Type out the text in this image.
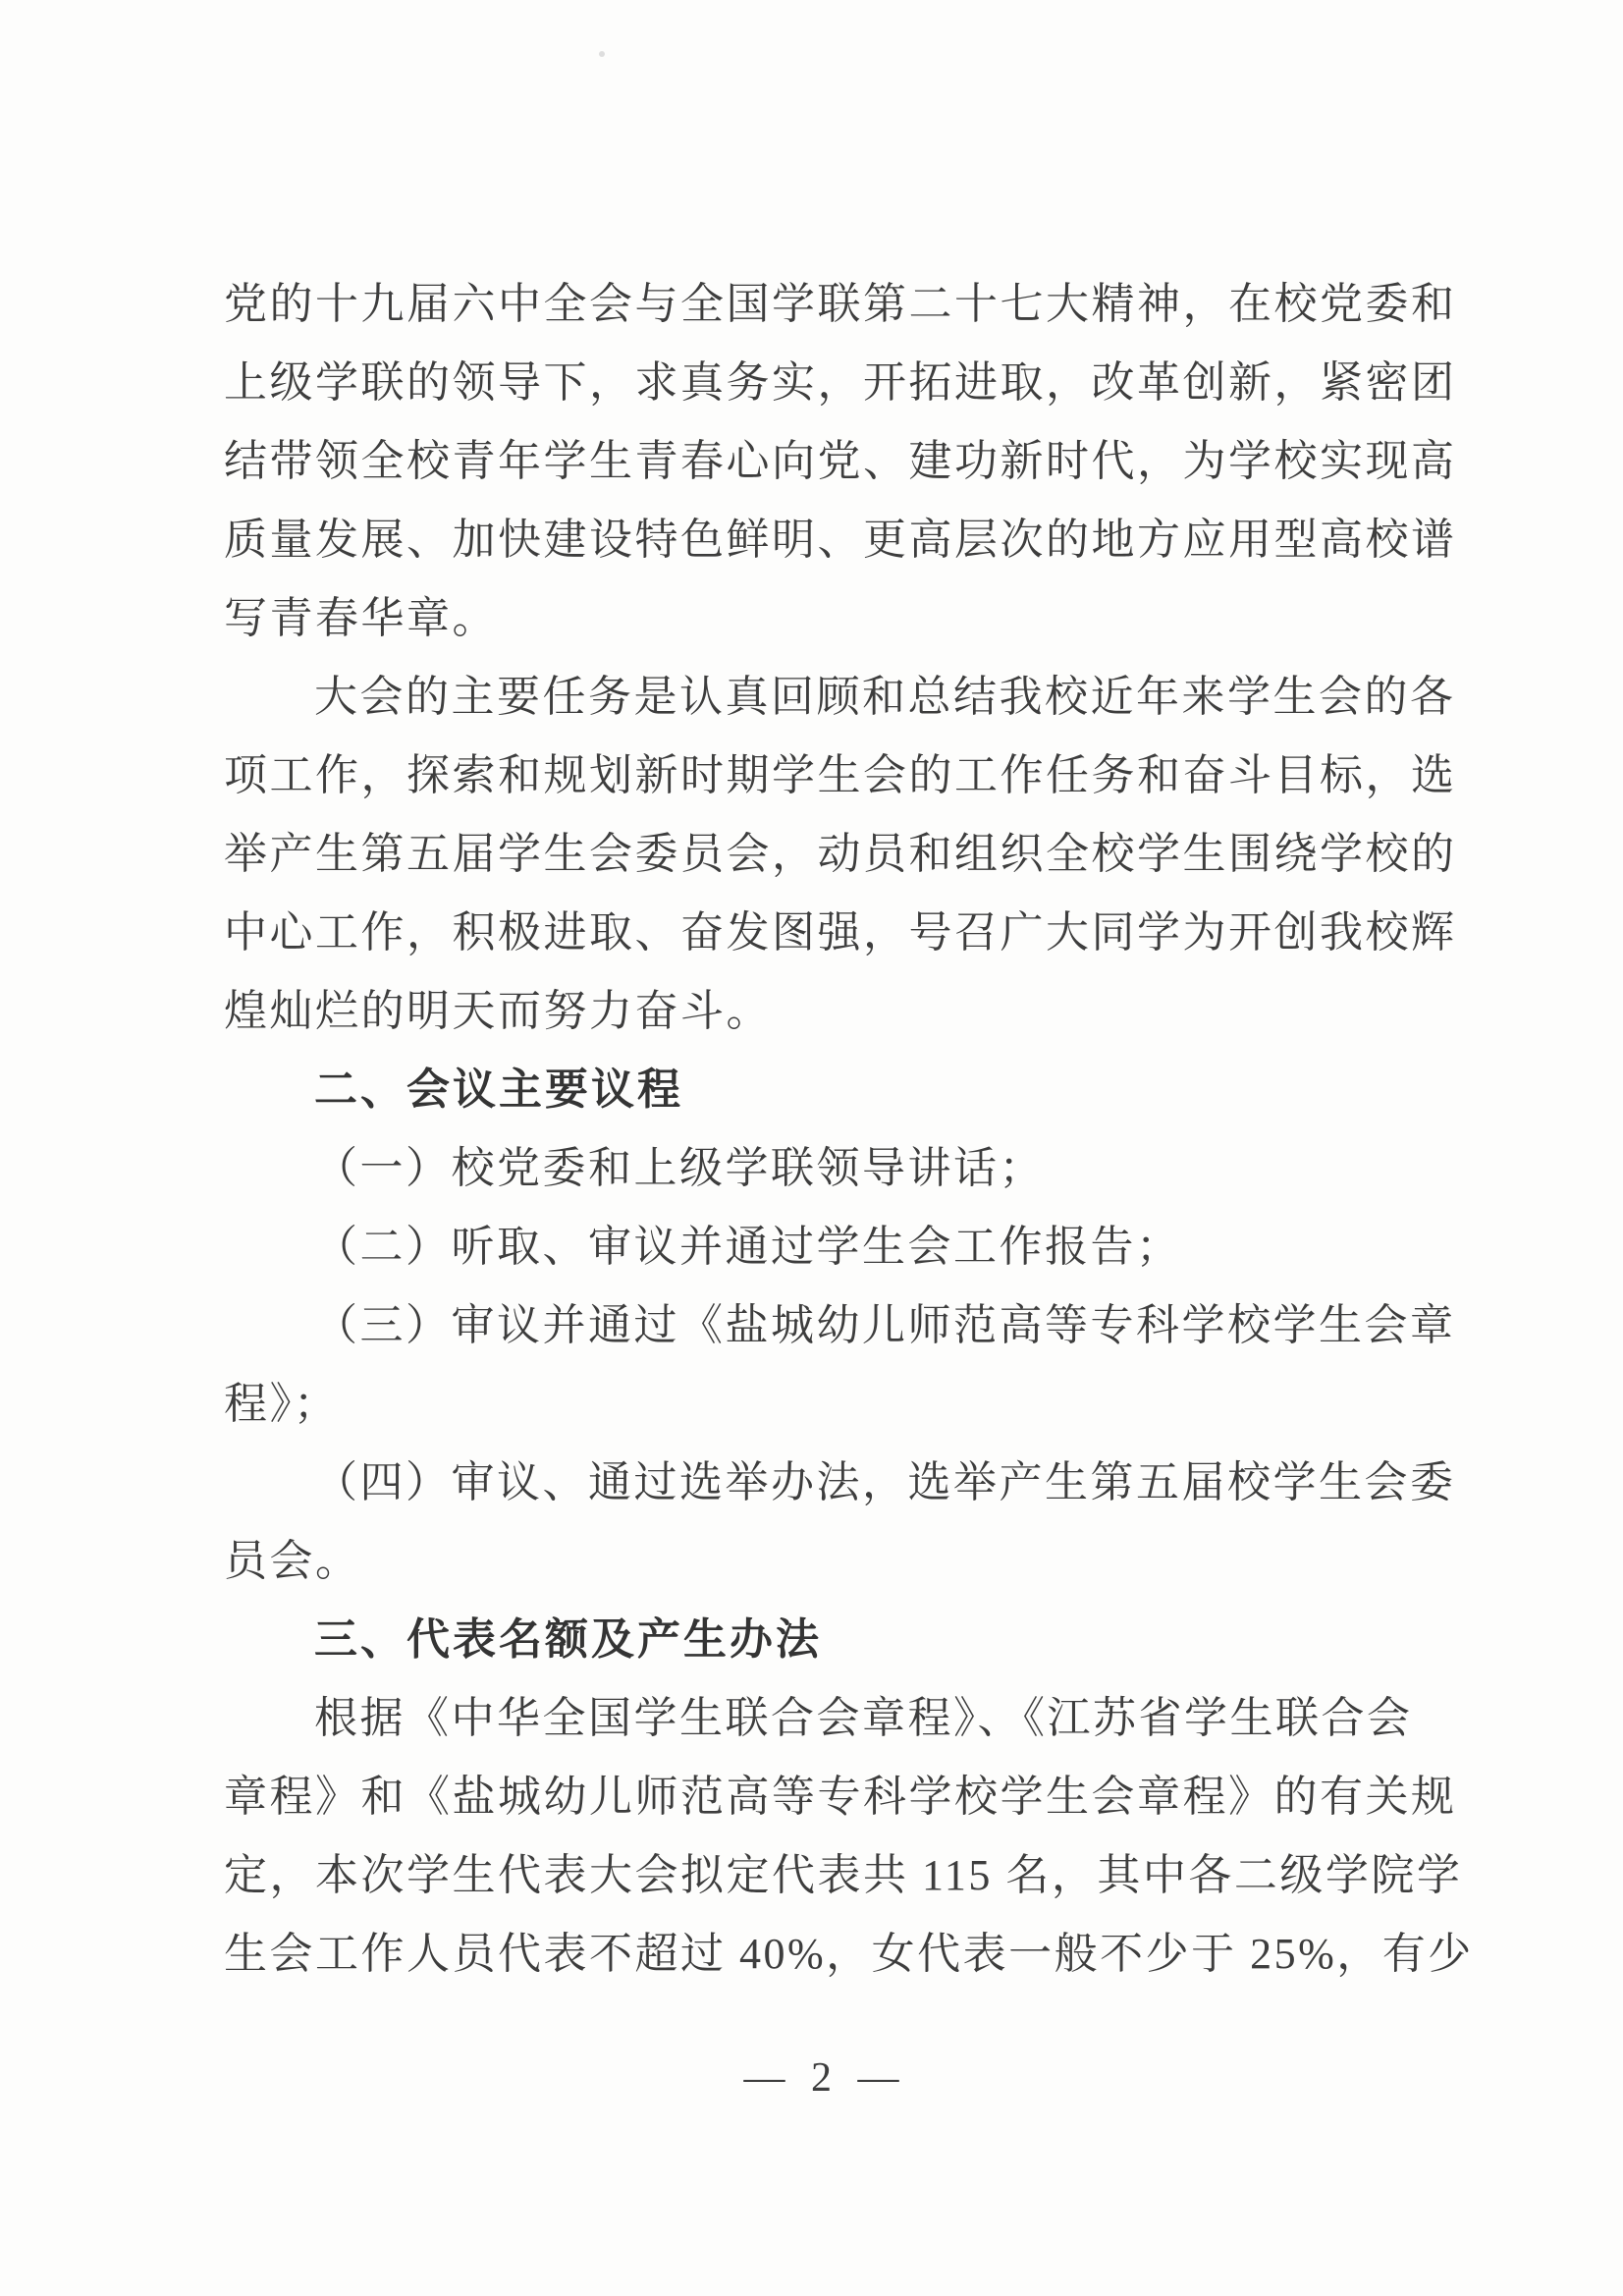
党的十九届六中全会与全国学联第二十七大精神，在校党委和
上级学联的领导下，求真务实，开拓进取，改革创新，紧密团
结带领全校青年学生青春心向党、建功新时代，为学校实现高
质量发展、加快建设特色鲜明、更高层次的地方应用型高校谱
写青春华章。
大会的主要任务是认真回顾和总结我校近年来学生会的各
项工作，探索和规划新时期学生会的工作任务和奋斗目标，选
举产生第五届学生会委员会，动员和组织全校学生围绕学校的
中心工作，积极进取、奋发图强，号召广大同学为开创我校辉
煌灿烂的明天而努力奋斗。
二、会议主要议程
（一）校党委和上级学联领导讲话；
（二）听取、审议并通过学生会工作报告；
（三）审议并通过《盐城幼儿师范高等专科学校学生会章
程》；
（四）审议、通过选举办法，选举产生第五届校学生会委
员会。
三、代表名额及产生办法
根据《中华全国学生联合会章程》、《江苏省学生联合会
章程》和《盐城幼儿师范高等专科学校学生会章程》的有关规
定，本次学生代表大会拟定代表共 115 名，其中各二级学院学
生会工作人员代表不超过 40%，女代表一般不少于 25%，有少
— 2 —
